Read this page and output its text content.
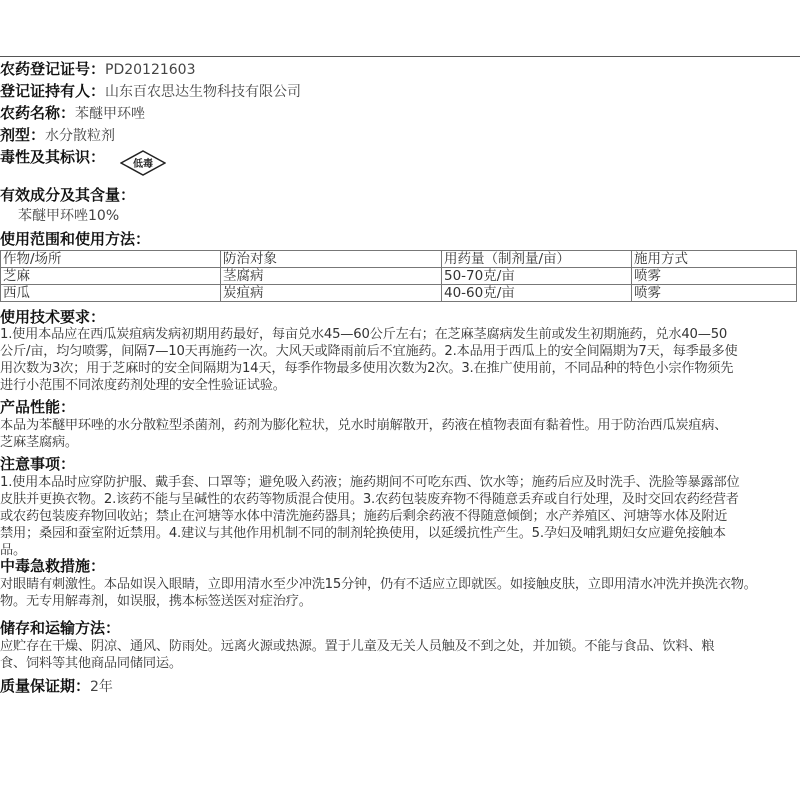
农药登记证号：PD20121603
登记证持有人：山东百农思达生物科技有限公司
农药名称：苯醚甲环唑
剂型：水分散粒剂
毒性及其标识：	低毒
有效成分及其含量：
苯醚甲环唑10%
使用范围和使用方法：
作物/场所	防治对象	用药量（制剂量/亩）	施用方式
芝麻	茎腐病	50-70克/亩	喷雾
西瓜	炭疽病	40-60克/亩	喷雾
使用技术要求：
1.使用本品应在西瓜炭疽病发病初期用药最好，每亩兑水45—60公斤左右；在芝麻茎腐病发生前或发生初期施药，兑水40—50
公斤/亩，均匀喷雾，间隔7—10天再施药一次。大风天或降雨前后不宜施药。2.本品用于西瓜上的安全间隔期为7天，每季最多使
用次数为3次；用于芝麻时的安全间隔期为14天，每季作物最多使用次数为2次。3.在推广使用前，不同品种的特色小宗作物须先
进行小范围不同浓度药剂处理的安全性验证试验。
产品性能：
本品为苯醚甲环唑的水分散粒型杀菌剂，药剂为膨化粒状，兑水时崩解散开，药液在植物表面有黏着性。用于防治西瓜炭疽病、
芝麻茎腐病。
注意事项：
1.使用本品时应穿防护服、戴手套、口罩等；避免吸入药液；施药期间不可吃东西、饮水等；施药后应及时洗手、洗脸等暴露部位
皮肤并更换衣物。2.该药不能与呈碱性的农药等物质混合使用。3.农药包装废弃物不得随意丢弃或自行处理，及时交回农药经营者
或农药包装废弃物回收站；禁止在河塘等水体中清洗施药器具；施药后剩余药液不得随意倾倒；水产养殖区、河塘等水体及附近
禁用；桑园和蚕室附近禁用。4.建议与其他作用机制不同的制剂轮换使用，以延缓抗性产生。5.孕妇及哺乳期妇女应避免接触本
品。
中毒急救措施：
对眼睛有刺激性。本品如误入眼睛，立即用清水至少冲洗15分钟，仍有不适应立即就医。如接触皮肤，立即用清水冲洗并换洗衣物。
物。无专用解毒剂，如误服，携本标签送医对症治疗。
储存和运输方法：
应贮存在干燥、阴凉、通风、防雨处。远离火源或热源。置于儿童及无关人员触及不到之处，并加锁。不能与食品、饮料、粮
食、饲料等其他商品同储同运。
质量保证期：2年
